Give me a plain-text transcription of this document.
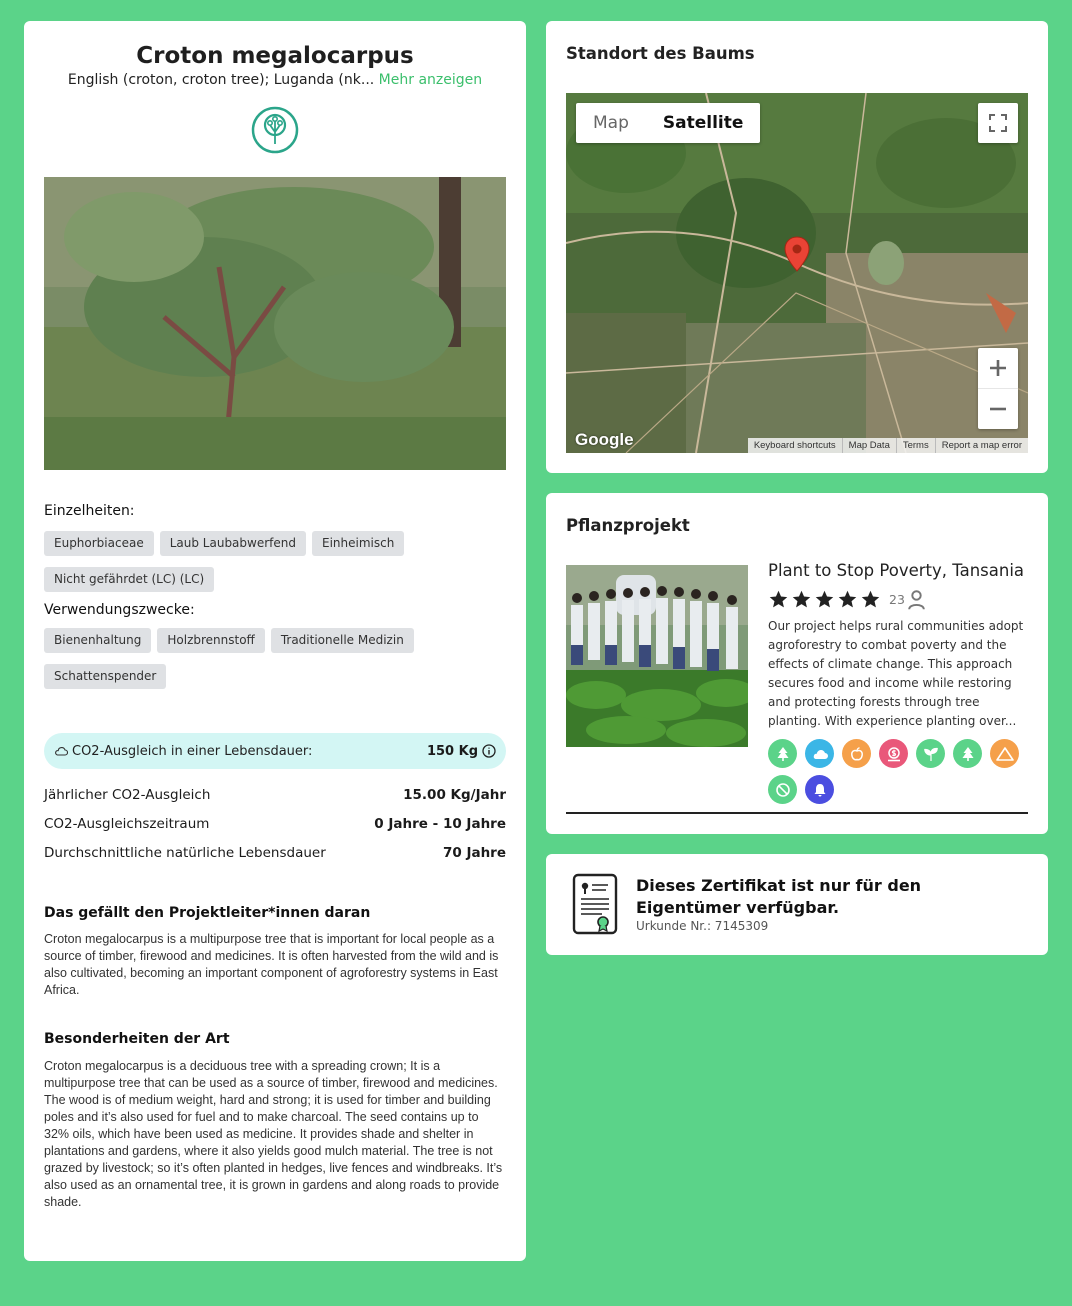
Croton megalocarpus
English (croton, croton tree); Luganda (nk... Mehr anzeigen
Einzelheiten:
Euphorbiaceae	Laub Laubabwerfend	Einheimisch
Nicht gefährdet (LC) (LC)
Verwendungszwecke:
Bienenhaltung	Holzbrennstoff	Traditionelle Medizin
Schattenspender
CO2-Ausgleich in einer Lebensdauer:	150 Kg
Jährlicher CO2-Ausgleich	15.00 Kg/Jahr
CO2-Ausgleichszeitraum	0 Jahre - 10 Jahre
Durchschnittliche natürliche Lebensdauer	70 Jahre
Das gefällt den Projektleiter*innen daran
Croton megalocarpus is a multipurpose tree that is important for local people as a source of timber, firewood and medicines. It is often harvested from the wild and is also cultivated, becoming an important component of agroforestry systems in East Africa.
Besonderheiten der Art
Croton megalocarpus is a deciduous tree with a spreading crown; It is a multipurpose tree that can be used as a source of timber, firewood and medicines. The wood is of medium weight, hard and strong; it is used for timber and building poles and it’s also used for fuel and to make charcoal. The seed contains up to 32% oils, which have been used as medicine. It provides shade and shelter in plantations and gardens, where it also yields good mulch material. The tree is not grazed by livestock; so it’s often planted in hedges, live fences and windbreaks. It’s also used as an ornamental tree, it is grown in gardens and along roads to provide shade.
Standort des Baums
Map	Satellite
Google	Keyboard shortcuts	Map Data	Terms	Report a map error
Pflanzprojekt
Plant to Stop Poverty, Tansania
23
Our project helps rural communities adopt agroforestry to combat poverty and the effects of climate change. This approach secures food and income while restoring and protecting forests through tree planting. With experience planting over...
Dieses Zertifikat ist nur für den Eigentümer verfügbar.
Urkunde Nr.: 7145309
